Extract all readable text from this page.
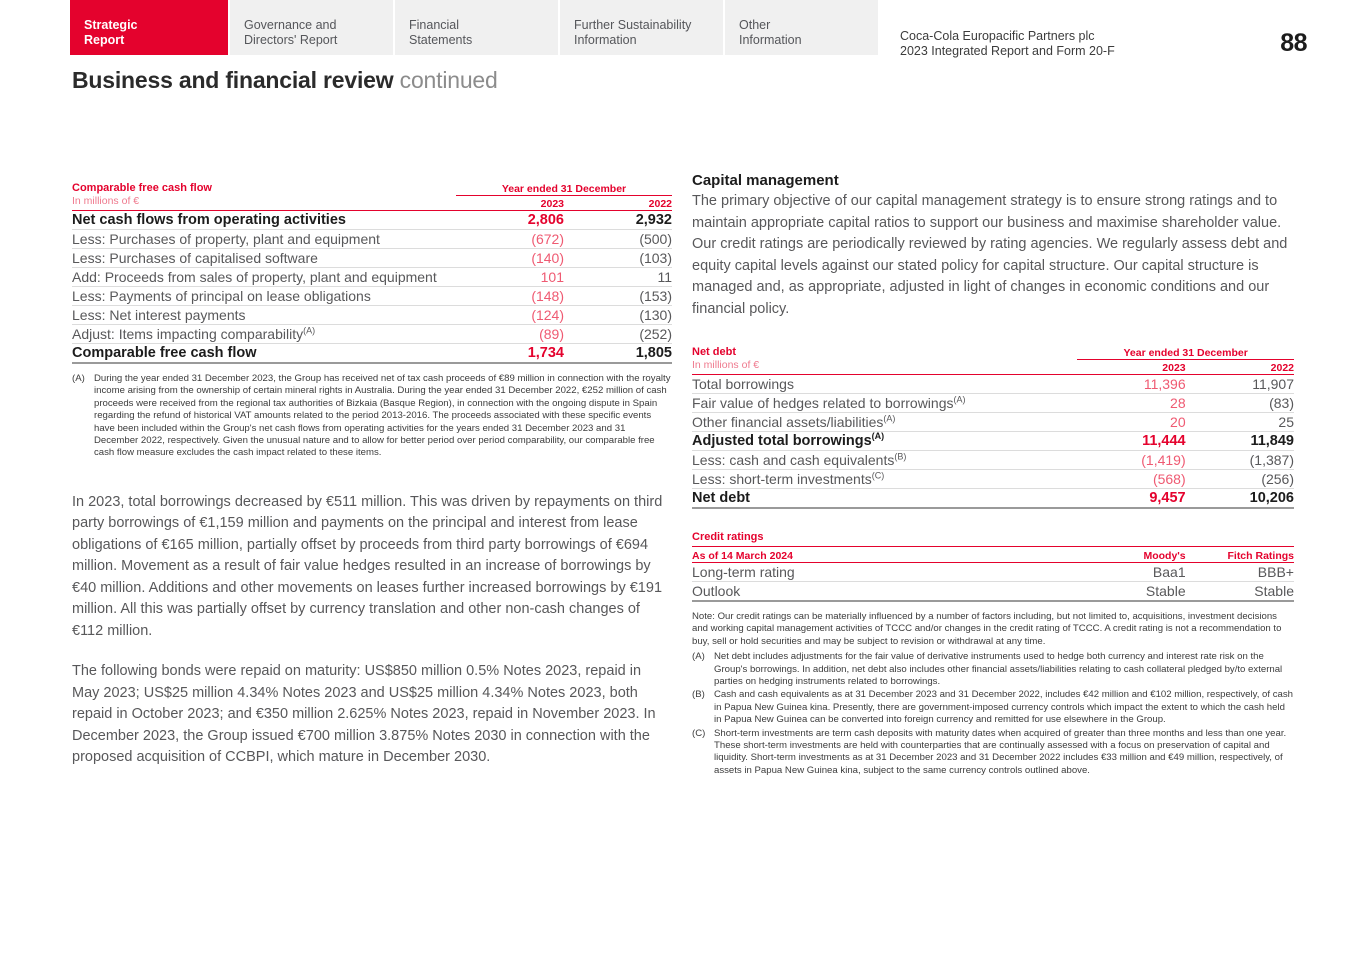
Strategic
Report
Governance and
Directors' Report
Financial
Statements
Further Sustainability
Information
Other
Information	Coca-Cola Europacific Partners plc
2023 Integrated Report and Form 20-F	88
Business and financial review continued
Comparable free cash flow
In millions of €	Year ended 31 December	
	2023	2022

Net cash flows from operating activities	2,806	2,932
Less: Purchases of property, plant and equipment	(672)	(500)
Less: Purchases of capitalised software	(140)	(103)
Add: Proceeds from sales of property, plant and equipment	101	11
Less: Payments of principal on lease obligations	(148)	(153)
Less: Net interest payments	(124)	(130)
Adjust: Items impacting comparability$^{(A)}$	(89)	(252)
Comparable free cash flow	1,734	1,805
(A) During the year ended 31 December 2023, the Group has received net of tax cash proceeds of €89 million in connection with the royalty income arising from the ownership of certain mineral rights in Australia. During the year ended 31 December 2022, €252 million of cash proceeds were received from the regional tax authorities of Bizkaia (Basque Region), in connection with the ongoing dispute in Spain regarding the refund of historical VAT amounts related to the period 2013-2016. The proceeds associated with these specific events have been included within the Group's net cash flows from operating activities for the years ended 31 December 2023 and 31 December 2022, respectively. Given the unusual nature and to allow for better period over period comparability, our comparable free cash flow measure excludes the cash impact related to these items.

In 2023, total borrowings decreased by €511 million. This was driven by repayments on third party borrowings of €1,159 million and payments on the principal and interest from lease obligations of €165 million, partially offset by proceeds from third party borrowings of €694 million. Movement as a result of fair value hedges resulted in an increase of borrowings by €40 million. Additions and other movements on leases further increased borrowings by €191 million. All this was partially offset by currency translation and other non-cash changes of €112 million.

The following bonds were repaid on maturity: US$850 million 0.5% Notes 2023, repaid in May 2023; US$25 million 4.34% Notes 2023 and US$25 million 4.34% Notes 2023, both repaid in October 2023; and €350 million 2.625% Notes 2023, repaid in November 2023. In December 2023, the Group issued €700 million 3.875% Notes 2030 in connection with the proposed acquisition of CCBPI, which mature in December 2030.

Capital management

The primary objective of our capital management strategy is to ensure strong ratings and to maintain appropriate capital ratios to support our business and maximise shareholder value. Our credit ratings are periodically reviewed by rating agencies. We regularly assess debt and equity capital levels against our stated policy for capital structure. Our capital structure is managed and, as appropriate, adjusted in light of changes in economic conditions and our financial policy.

Net debt
In millions of €	Year ended 31 December	
	2023	2022

Total borrowings	11,396	11,907
Fair value of hedges related to borrowings$^{(A)}$	28	(83)
Other financial assets/liabilities$^{(A)}$	20	25
Adjusted total borrowings$^{(A)}$	11,444	11,849
Less: cash and cash equivalents$^{(B)}$	(1,419)	(1,387)
Less: short-term investments$^{(C)}$	(568)	(256)
Net debt	9,457	10,206
Credit ratings		
As of 14 March 2024	Moody's	Fitch Ratings

Long-term rating	Baa1	BBB+
Outlook	Stable	Stable
Note: Our credit ratings can be materially influenced by a number of factors including, but not limited to, acquisitions, investment decisions and working capital management activities of TCCC and/or changes in the credit rating of TCCC. A credit rating is not a recommendation to buy, sell or hold securities and may be subject to revision or withdrawal at any time.
(A) Net debt includes adjustments for the fair value of derivative instruments used to hedge both currency and interest rate risk on the Group's borrowings. In addition, net debt also includes other financial assets/liabilities relating to cash collateral pledged by/to external parties on hedging instruments related to borrowings.
(B) Cash and cash equivalents as at 31 December 2023 and 31 December 2022, includes €42 million and €102 million, respectively, of cash in Papua New Guinea kina. Presently, there are government-imposed currency controls which impact the extent to which the cash held in Papua New Guinea can be converted into foreign currency and remitted for use elsewhere in the Group.
(C) Short-term investments are term cash deposits with maturity dates when acquired of greater than three months and less than one year. These short-term investments are held with counterparties that are continually assessed with a focus on preservation of capital and liquidity. Short-term investments as at 31 December 2023 and 31 December 2022 includes €33 million and €49 million, respectively, of assets in Papua New Guinea kina, subject to the same currency controls outlined above.
